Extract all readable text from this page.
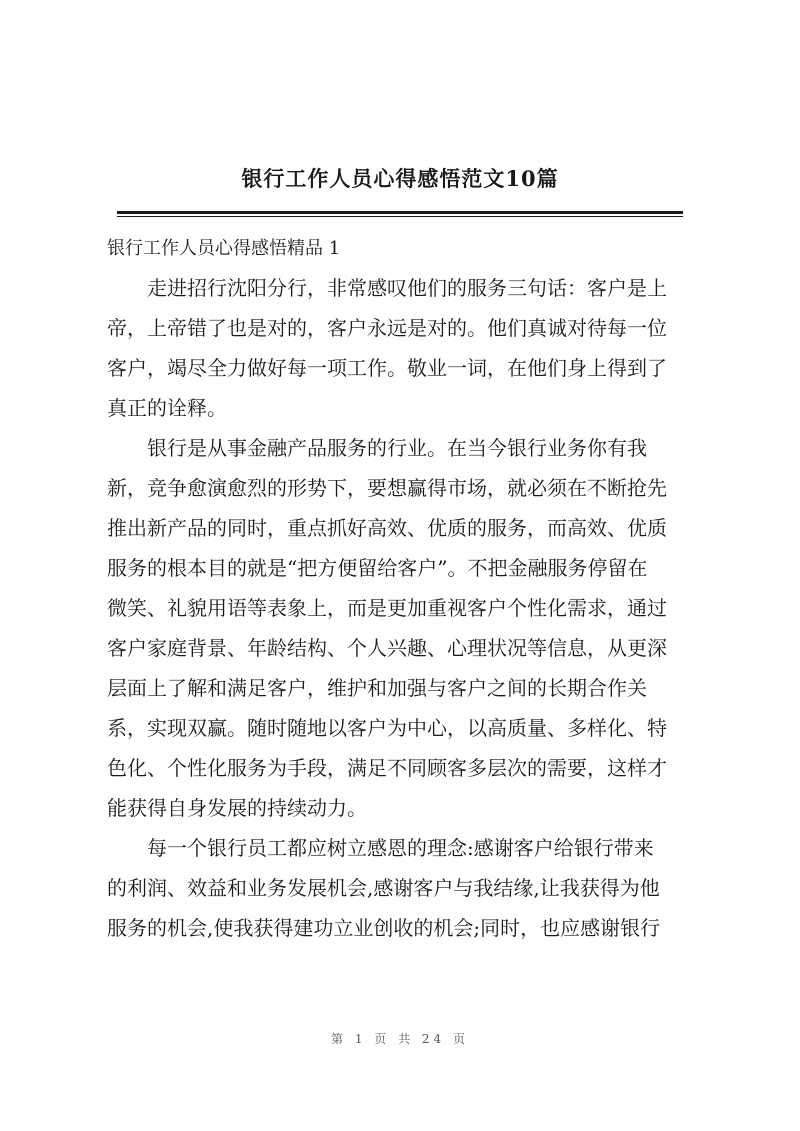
银行工作人员心得感悟范文10篇
银行工作人员心得感悟精品 1

　　走进招行沈阳分行，非常感叹他们的服务三句话：客户是上

帝，上帝错了也是对的，客户永远是对的。他们真诚对待每一位

客户，竭尽全力做好每一项工作。敬业一词，在他们身上得到了

真正的诠释。

　　银行是从事金融产品服务的行业。在当今银行业务你有我

新，竞争愈演愈烈的形势下，要想赢得市场，就必须在不断抢先

推出新产品的同时，重点抓好高效、优质的服务，而高效、优质

服务的根本目的就是“把方便留给客户”。不把金融服务停留在

微笑、礼貌用语等表象上，而是更加重视客户个性化需求，通过

客户家庭背景、年龄结构、个人兴趣、心理状况等信息，从更深

层面上了解和满足客户，维护和加强与客户之间的长期合作关

系，实现双赢。随时随地以客户为中心，以高质量、多样化、特

色化、个性化服务为手段，满足不同顾客多层次的需要，这样才

能获得自身发展的持续动力。

　　每一个银行员工都应树立感恩的理念:感谢客户给银行带来

的利润、效益和业务发展机会,感谢客户与我结缘,让我获得为他

服务的机会,使我获得建功立业创收的机会;同时，也应感谢银行

第 1 页 共 24 页
